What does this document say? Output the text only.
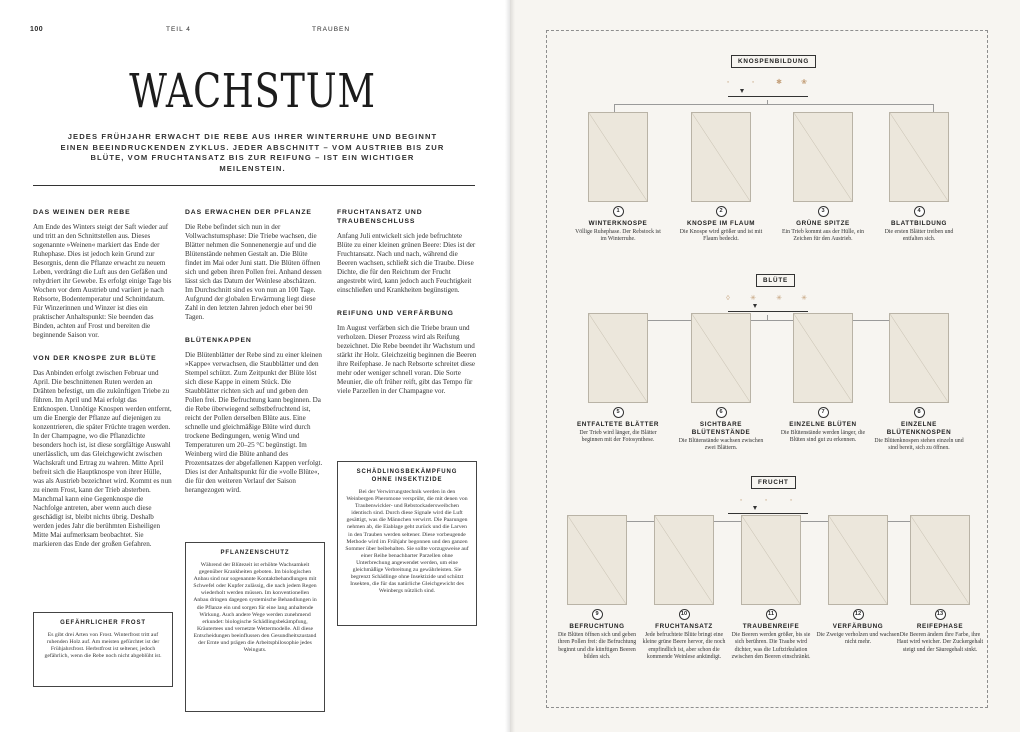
100	TEIL 4	TRAUBEN
WACHSTUM
JEDES FRÜHJAHR ERWACHT DIE REBE AUS IHRER WINTERRUHE UND BEGINNT EINEN BEEINDRUCKENDEN ZYKLUS. JEDER ABSCHNITT – VOM AUSTRIEB BIS ZUR BLÜTE, VOM FRUCHTANSATZ BIS ZUR REIFUNG – IST EIN WICHTIGER MEILENSTEIN.
DAS WEINEN DER REBE
Am Ende des Winters steigt der Saft wieder auf und tritt an den Schnittstellen aus. Dieses sogenannte »Weinen« markiert das Ende der Ruhephase. Dies ist jedoch kein Grund zur Besorgnis, denn die Pflanze erwacht zu neuem Leben, verdrängt die Luft aus den Gefäßen und rehydriert ihr Gewebe. Es erfolgt einige Tage bis Wochen vor dem Austrieb und variiert je nach Rebsorte, Bodentemperatur und Schnittdatum. Für Winzerinnen und Winzer ist dies ein praktischer Anhaltspunkt: Sie beenden das Binden, achten auf Frost und bereiten die beginnende Saison vor.
VON DER KNOSPE ZUR BLÜTE
Das Anbinden erfolgt zwischen Februar und April. Die beschnittenen Ruten werden an Drähten befestigt, um die zukünftigen Triebe zu führen. Im April und Mai erfolgt das Entknospen. Unnötige Knospen werden entfernt, um die Energie der Pflanze auf diejenigen zu konzentrieren, die später Früchte tragen werden. In der Champagne, wo die Pflanzdichte besonders hoch ist, ist diese sorgfältige Auswahl unerlässlich, um das Gleichgewicht zwischen Wachskraft und Ertrag zu wahren. Mitte April befreit sich die Hauptknospe von ihrer Hülle, was als Austrieb bezeichnet wird. Kommt es nun zu einem Frost, kann der Trieb absterben. Manchmal kann eine Gegenknospe die Nachfolge antreten, aber wenn auch diese geschädigt ist, bleibt nichts übrig. Deshalb werden jedes Jahr die berühmten Eisheiligen Mitte Mai aufmerksam beobachtet. Sie markieren das Ende der großen Gefahren.
DAS ERWACHEN DER PFLANZE
Die Rebe befindet sich nun in der Vollwachstumsphase: Die Triebe wachsen, die Blätter nehmen die Sonnenenergie auf und die Blütenstände nehmen Gestalt an. Die Blüte findet im Mai oder Juni statt. Die Blüten öffnen sich und geben ihren Pollen frei. Anhand dessen lässt sich das Datum der Weinlese abschätzen. Im Durchschnitt sind es von nun an 100 Tage. Aufgrund der globalen Erwärmung liegt diese Zahl in den letzten Jahren jedoch eher bei 90 Tagen.
BLÜTENKAPPEN
Die Blütenblätter der Rebe sind zu einer kleinen »Kappe« verwachsen, die Staubblätter und den Stempel schützt. Zum Zeitpunkt der Blüte löst sich diese Kappe in einem Stück. Die Staubblätter richten sich auf und geben den Pollen frei. Die Befruchtung kann beginnen. Da die Rebe überwiegend selbstbefruchtend ist, reicht der Pollen derselben Blüte aus. Eine schnelle und gleichmäßige Blüte wird durch trockene Bedingungen, wenig Wind und Temperaturen um 20–25 °C begünstigt. Im Weinberg wird die Blüte anhand des Prozentsatzes der abgefallenen Kappen verfolgt. Dies ist der Anhaltspunkt für die »volle Blüte«, die für den weiteren Verlauf der Saison herangezogen wird.
FRUCHTANSATZ UND TRAUBENSCHLUSS
Anfang Juli entwickelt sich jede befruchtete Blüte zu einer kleinen grünen Beere: Dies ist der Fruchtansatz. Nach und nach, während die Beeren wachsen, schließt sich die Traube. Diese Dichte, die für den Reichtum der Frucht angestrebt wird, kann jedoch auch Feuchtigkeit einschließen und Krankheiten begünstigen.
REIFUNG UND VERFÄRBUNG
Im August verfärben sich die Triebe braun und verholzen. Dieser Prozess wird als Reifung bezeichnet. Die Rebe beendet ihr Wachstum und stärkt ihr Holz. Gleichzeitig beginnen die Beeren ihre Reifephase. Je nach Rebsorte schreitet diese mehr oder weniger schnell voran. Die Sorte Meunier, die oft früher reift, gibt das Tempo für viele Parzellen in der Champagne vor.
GEFÄHRLICHER FROST
Es gibt drei Arten von Frost. Winterfrost tritt auf ruhenden Holz auf. Am meisten gefürchtet ist der Frühjahrsfrost. Herbstfrost ist seltener, jedoch gefährlich, wenn die Rebe noch nicht abgeblüht ist.
PFLANZENSCHUTZ
Während der Blütezeit ist erhöhte Wachsamkeit gegenüber Krankheiten geboten. Im biologischen Anbau sind nur sogenannte Kontaktbehandlungen mit Schwefel oder Kupfer zulässig, die nach jedem Regen wiederholt werden müssen. Im konventionellen Anbau dringen dagegen systemische Behandlungen in die Pflanze ein und sorgen für eine lang anhaltende Wirkung. Auch andere Wege werden zunehmend erkundet: biologische Schädlingsbekämpfung, Kräutertees und vernetzte Wettermodelle. All diese Entscheidungen beeinflussen den Gesundheitszustand der Ernte und prägen die Arbeitsphilosophie jedes Weinguts.
SCHÄDLINGSBEKÄMPFUNG OHNE INSEKTIZIDE
Bei der Verwirrungstechnik werden in den Weinbergen Pheromone versprüht, die mit denen von Traubenwickler- und Rebstockadersweibchen identisch sind. Durch diese Signale wird die Luft gesättigt, was die Männchen verwirrt. Die Paarungen nehmen ab, die Eiablage geht zurück und die Larven in den Trauben werden seltener. Diese vorbeugende Methode wird im Frühjahr begonnen und den ganzen Sommer über beibehalten. Sie sollte vorzugsweise auf einer Reihe benachbarter Parzellen ohne Unterbrechung angewendet werden, um eine gleichmäßige Verbreitung zu gewährleisten. Sie begrenzt Schädlinge ohne Insektizide und schützt Insekten, die für das natürliche Gleichgewicht des Weinbergs nützlich sind.
KNOSPENBILDUNG
◦	◦	✱	❀
BLÜTE
◊	✳	✳	✳
FRUCHT
◦	◦	◦
1
WINTERKNOSPE
Völlige Ruhephase. Der Rebstock ist im Winterruhe.
2
KNOSPE IM FLAUM
Die Knospe wird größer und ist mit Flaum bedeckt.
3
GRÜNE SPITZE
Ein Trieb kommt aus der Hülle, ein Zeichen für den Austrieb.
4
BLATTBILDUNG
Die ersten Blätter treiben und entfalten sich.
5
ENTFALTETE BLÄTTER
Der Trieb wird länger, die Blätter beginnen mit der Fotosynthese.
6
SICHTBARE BLÜTENSTÄNDE
Die Blütenstände wachsen zwischen zwei Blättern.
7
EINZELNE BLÜTEN
Die Blütenstände werden länger, die Blüten sind gut zu erkennen.
8
EINZELNE BLÜTENKNOSPEN
Die Blütenknospen stehen einzeln und sind bereit, sich zu öffnen.
9
BEFRUCHTUNG
Die Blüten öffnen sich und geben ihren Pollen frei: die Befruchtung beginnt und die künftigen Beeren bilden sich.
10
FRUCHTANSATZ
Jede befruchtete Blüte bringt eine kleine grüne Beere hervor, die noch empfindlich ist, aber schon die kommende Weinlese ankündigt.
11
TRAUBENREIFE
Die Beeren werden größer, bis sie sich berühren. Die Traube wird dichter, was die Luftzirkulation zwischen den Beeren einschränkt.
12
VERFÄRBUNG
Die Zweige verholzen und wachsen nicht mehr.
13
REIFEPHASE
Die Beeren ändern ihre Farbe, ihre Haut wird weicher. Der Zuckergehalt steigt und der Säuregehalt sinkt.
